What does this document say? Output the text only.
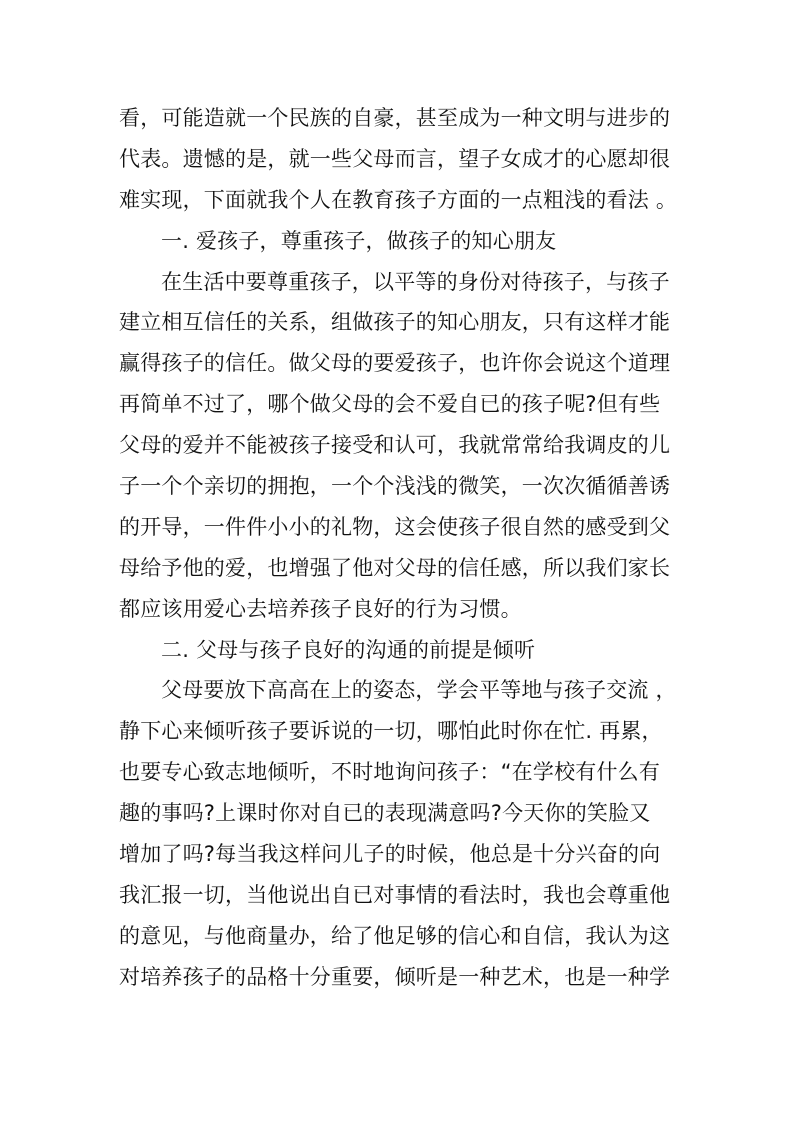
看，可能造就一个民族的自豪，甚至成为一种文明与进步的
代表。遗憾的是，就一些父母而言，望子女成才的心愿却很
难实现，下面就我个人在教育孩子方面的一点粗浅的看法 。
一. 爱孩子，尊重孩子，做孩子的知心朋友
在生活中要尊重孩子，以平等的身份对待孩子，与孩子
建立相互信任的关系，组做孩子的知心朋友，只有这样才能
赢得孩子的信任。做父母的要爱孩子，也许你会说这个道理
再简单不过了，哪个做父母的会不爱自已的孩子呢?但有些
父母的爱并不能被孩子接受和认可，我就常常给我调皮的儿
子一个个亲切的拥抱，一个个浅浅的微笑，一次次循循善诱
的开导，一件件小小的礼物，这会使孩子很自然的感受到父
母给予他的爱，也增强了他对父母的信任感，所以我们家长
都应该用爱心去培养孩子良好的行为习惯。
二. 父母与孩子良好的沟通的前提是倾听
父母要放下高高在上的姿态，学会平等地与孩子交流 ，
静下心来倾听孩子要诉说的一切，哪怕此时你在忙. 再累，
也要专心致志地倾听，不时地询问孩子：“在学校有什么有
趣的事吗?上课时你对自已的表现满意吗?今天你的笑脸又
增加了吗?每当我这样问儿子的时候，他总是十分兴奋的向
我汇报一切，当他说出自已对事情的看法时，我也会尊重他
的意见，与他商量办，给了他足够的信心和自信，我认为这
对培养孩子的品格十分重要，倾听是一种艺术，也是一种学
